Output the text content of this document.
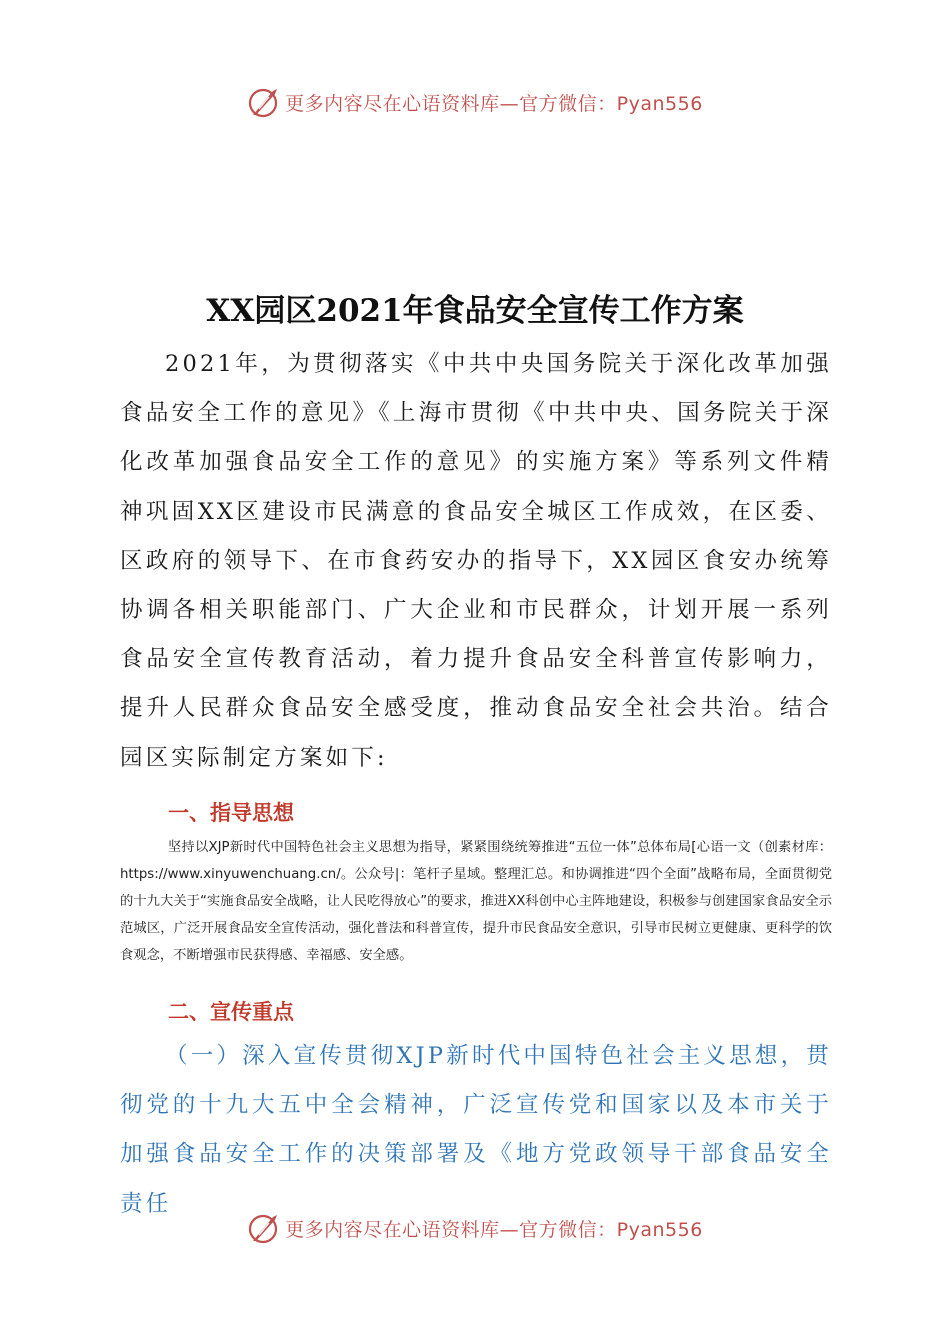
更多内容尽在心语资料库—官方微信：Pyan556
XX园区2021年食品安全宣传工作方案

2021年，为贯彻落实《中共中央国务院关于深化改革加强食品安全工作的意见》《上海市贯彻《中共中央、国务院关于深化改革加强食品安全工作的意见》的实施方案》等系列文件精神巩固XX区建设市民满意的食品安全城区工作成效，在区委、区政府的领导下、在市食药安办的指导下，XX园区食安办统筹协调各相关职能部门、广大企业和市民群众，计划开展一系列食品安全宣传教育活动，着力提升食品安全科普宣传影响力，提升人民群众食品安全感受度，推动食品安全社会共治。结合园区实际制定方案如下:

一、指导思想

坚持以XJP新时代中国特色社会主义思想为指导，紧紧围绕统筹推进“五位一体”总体布局[心语一文（创素材库：https://www.xinyuwenchuang.cn/。公众号|：笔杆子星域。整理汇总。和协调推进“四个全面”战略布局，全面贯彻党的十九大关于“实施食品安全战略，让人民吃得放心”的要求，推进XX科创中心主阵地建设，积极参与创建国家食品安全示范城区，广泛开展食品安全宣传活动，强化普法和科普宣传，提升市民食品安全意识，引导市民树立更健康、更科学的饮食观念，不断增强市民获得感、幸福感、安全感。

二、宣传重点

（一）深入宣传贯彻XJP新时代中国特色社会主义思想，贯彻党的十九大五中全会精神，广泛宣传党和国家以及本市关于加强食品安全工作的决策部署及《地方党政领导干部食品安全责任

更多内容尽在心语资料库—官方微信：Pyan556
